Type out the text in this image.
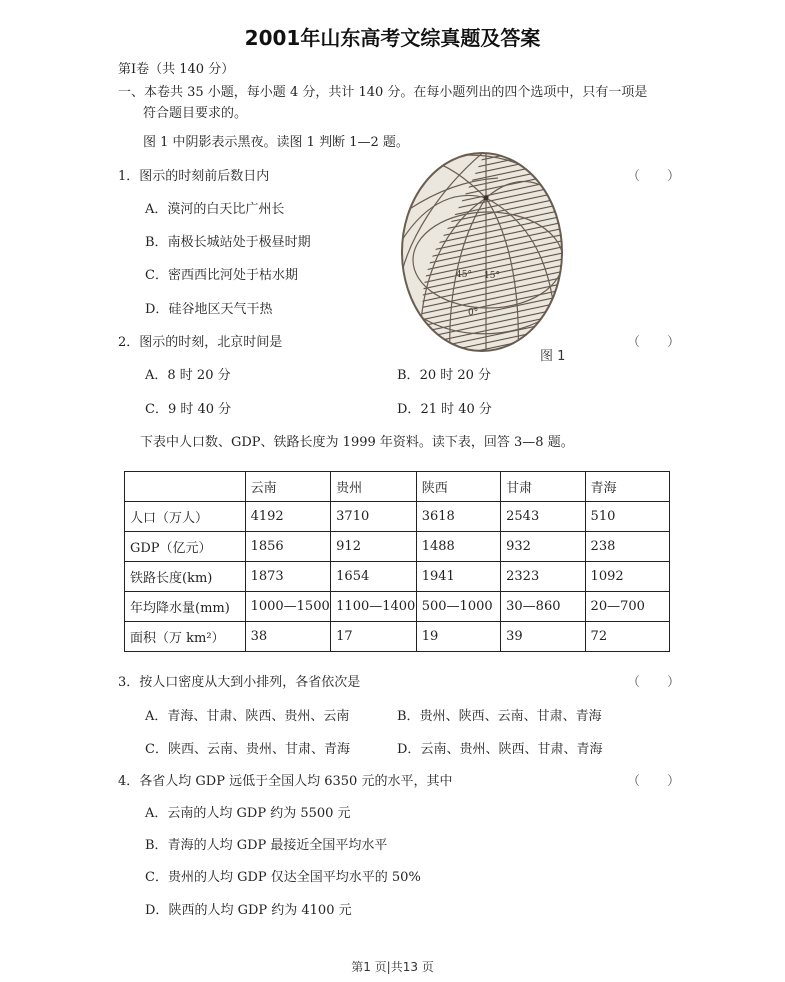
2001年山东高考文综真题及答案
第Ⅰ卷（共 140 分）
一、本卷共 35 小题，每小题 4 分，共计 140 分。在每小题列出的四个选项中，只有一项是
符合题目要求的。
图 1 中阴影表示黑夜。读图 1 判断 1—2 题。
1．图示的时刻前后数日内	（ ）
A．漠河的白天比广州长
B．南极长城站处于极昼时期
C．密西西比河处于枯水期
D．硅谷地区天气干热
45° 15°
0°
图 1
2．图示的时刻，北京时间是	（ ）
A．8 时 20 分	B．20 时 20 分
C．9 时 40 分	D．21 时 40 分
下表中人口数、GDP、铁路长度为 1999 年资料。读下表，回答 3—8 题。
	云南	贵州	陕西	甘肃	青海
人口（万人）	4192	3710	3618	2543	510
GDP（亿元）	1856	912	1488	932	238
铁路长度(km)	1873	1654	1941	2323	1092
年均降水量(mm)	1000—1500	1100—1400	500—1000	30—860	20—700
面积（万 km²）	38	17	19	39	72
3．按人口密度从大到小排列，各省依次是	（ ）
A．青海、甘肃、陕西、贵州、云南	B．贵州、陕西、云南、甘肃、青海
C．陕西、云南、贵州、甘肃、青海	D．云南、贵州、陕西、甘肃、青海
4．各省人均 GDP 远低于全国人均 6350 元的水平，其中	（ ）
A．云南的人均 GDP 约为 5500 元
B．青海的人均 GDP 最接近全国平均水平
C．贵州的人均 GDP 仅达全国平均水平的 50%
D．陕西的人均 GDP 约为 4100 元
第1 页|共13 页
